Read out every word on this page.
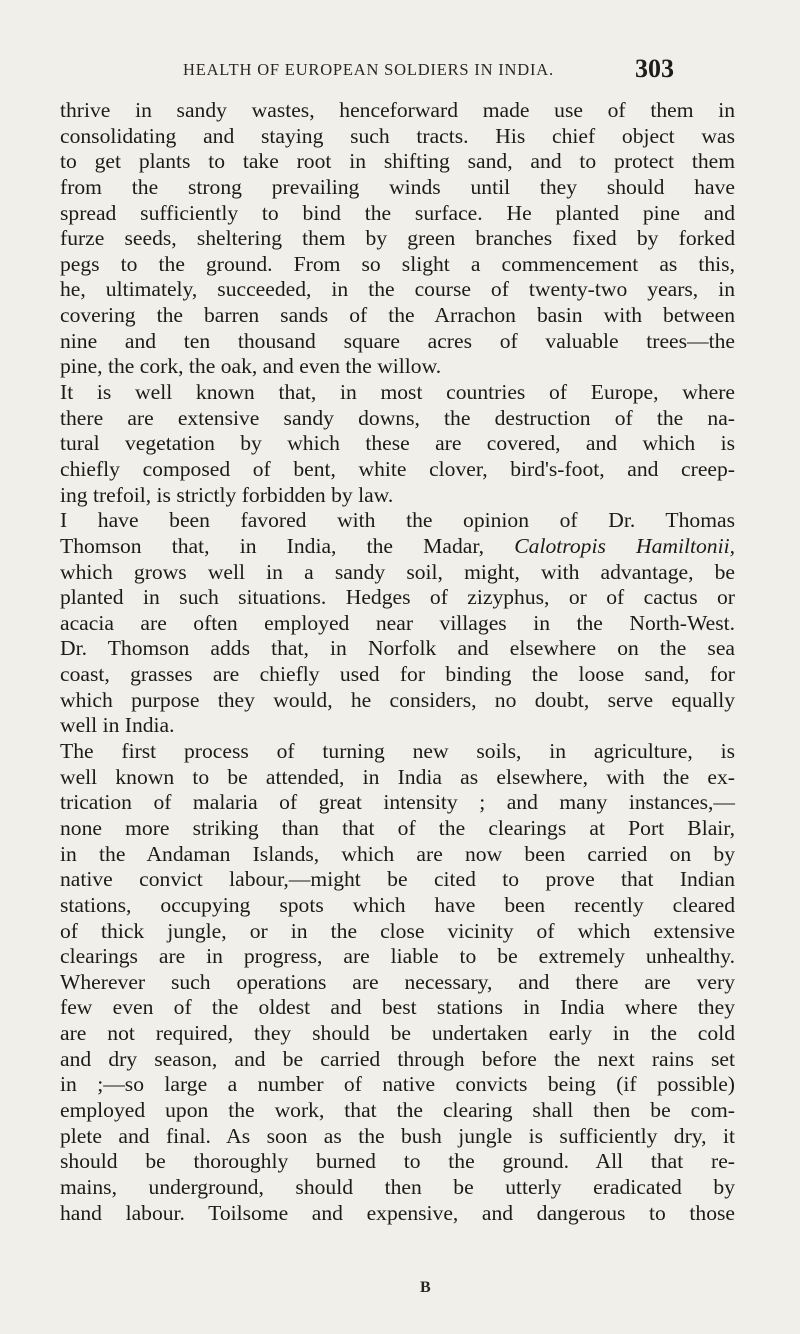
HEALTH OF EUROPEAN SOLDIERS IN INDIA.	303
thrive in sandy wastes, henceforward made use of them in
consolidating and staying such tracts. His chief object was
to get plants to take root in shifting sand, and to protect them
from the strong prevailing winds until they should have
spread sufficiently to bind the surface. He planted pine and
furze seeds, sheltering them by green branches fixed by forked
pegs to the ground. From so slight a commencement as this,
he, ultimately, succeeded, in the course of twenty-two years, in
covering the barren sands of the Arrachon basin with between
nine and ten thousand square acres of valuable trees—the
pine, the cork, the oak, and even the willow.
It is well known that, in most countries of Europe, where
there are extensive sandy downs, the destruction of the na-
tural vegetation by which these are covered, and which is
chiefly composed of bent, white clover, bird's-foot, and creep-
ing trefoil, is strictly forbidden by law.
I have been favored with the opinion of Dr. Thomas
Thomson that, in India, the Madar, Calotropis Hamiltonii,
which grows well in a sandy soil, might, with advantage, be
planted in such situations. Hedges of zizyphus, or of cactus or
acacia are often employed near villages in the North-West.
Dr. Thomson adds that, in Norfolk and elsewhere on the sea
coast, grasses are chiefly used for binding the loose sand, for
which purpose they would, he considers, no doubt, serve equally
well in India.
The first process of turning new soils, in agriculture, is
well known to be attended, in India as elsewhere, with the ex-
trication of malaria of great intensity ; and many instances,—
none more striking than that of the clearings at Port Blair,
in the Andaman Islands, which are now been carried on by
native convict labour,—might be cited to prove that Indian
stations, occupying spots which have been recently cleared
of thick jungle, or in the close vicinity of which extensive
clearings are in progress, are liable to be extremely unhealthy.
Wherever such operations are necessary, and there are very
few even of the oldest and best stations in India where they
are not required, they should be undertaken early in the cold
and dry season, and be carried through before the next rains set
in ;—so large a number of native convicts being (if possible)
employed upon the work, that the clearing shall then be com-
plete and final. As soon as the bush jungle is sufficiently dry, it
should be thoroughly burned to the ground. All that re-
mains, underground, should then be utterly eradicated by
hand labour. Toilsome and expensive, and dangerous to those
B
